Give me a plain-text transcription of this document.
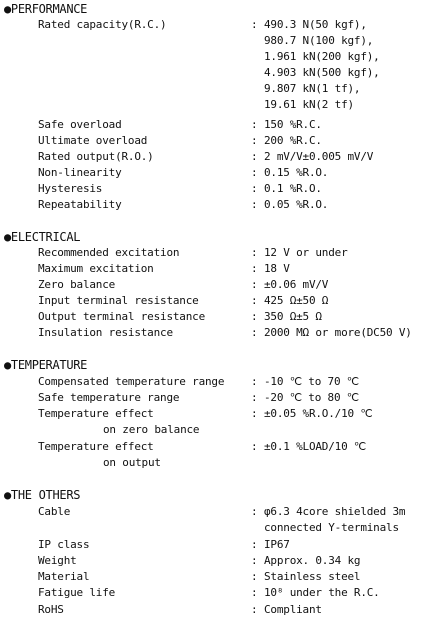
●PERFORMANCE
Rated capacity(R.C.)	: 490.3 N(50 kgf),
980.7 N(100 kgf),
1.961 kN(200 kgf),
4.903 kN(500 kgf),
9.807 kN(1 tf),
19.61 kN(2 tf)
Safe overload	: 150 %R.C.
Ultimate overload	: 200 %R.C.
Rated output(R.O.)	: 2 mV/V±0.005 mV/V
Non-linearity	: 0.15 %R.O.
Hysteresis	: 0.1 %R.O.
Repeatability	: 0.05 %R.O.
●ELECTRICAL
Recommended excitation	: 12 V or under
Maximum excitation	: 18 V
Zero balance	: ±0.06 mV/V
Input terminal resistance	: 425 Ω±50 Ω
Output terminal resistance	: 350 Ω±5 Ω
Insulation resistance	: 2000 MΩ or more(DC50 V)
●TEMPERATURE
Compensated temperature range : -10 ℃ to 70 ℃
Safe temperature range	: -20 ℃ to 80 ℃
Temperature effect	: ±0.05 %R.O./10 ℃
on zero balance
Temperature effect	: ±0.1 %LOAD/10 ℃
on output
●THE OTHERS
Cable	: φ6.3 4core shielded 3m
connected Y-terminals
IP class	: IP67
Weight	: Approx. 0.34 kg
Material	: Stainless steel
Fatigue life	: 10⁸ under the R.C.
RoHS	: Compliant
